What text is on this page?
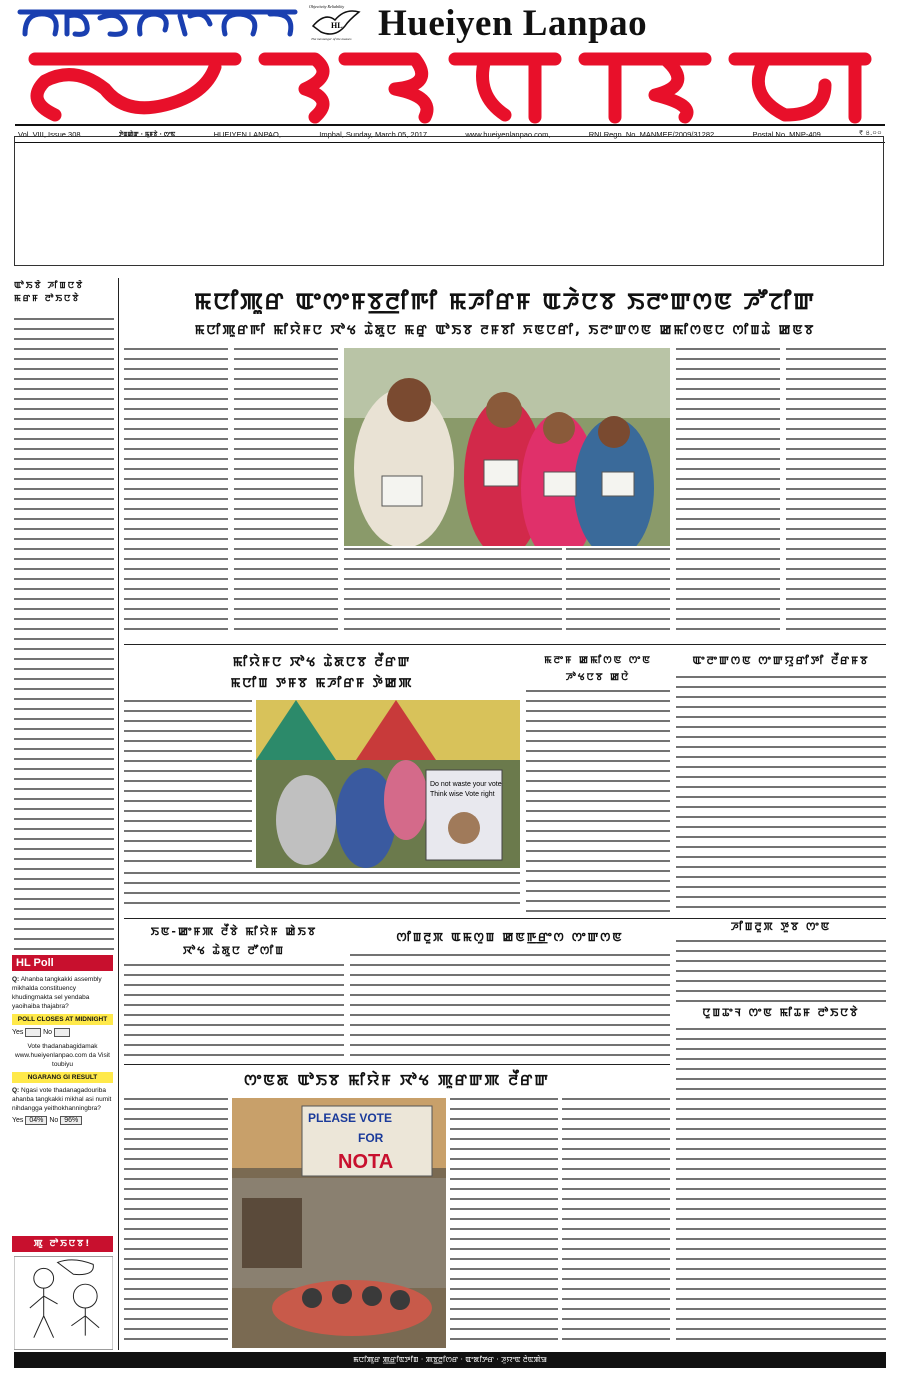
HL
Objectivity Reliability
The messenger of the masses Hueiyen Lanpao
Vol. VIII, Issue 308	ꯇꯥꯡꯀꯥꯛ · ꯃꯨꯝꯕꯥ · ꯁꯦꯟ	HUEIYEN LANPAO,	Imphal, Sunday, March 05, 2017	www.hueiyenlanpao.com,	RNI Regn. No. MANMEE/2009/31282	Postal No. MNP-409	₹ ৪.০০
ꯑꯣꯏꯕꯥ ꯍꯤꯡꯅꯕꯥ
ꯃꯔꯝ ꯂꯣꯏꯅꯕꯥ
HL Poll
Q: Ahanba tangkakki assembly mikhalda constituency khudingmakta sel yendaba yaoihaiba thajabra?
POLL CLOSES AT MIDNIGHT
Yes	No
Vote thadanabagidamak www.hueiyenlanpao.com da Visit toubiyu
NGARANG GI RESULT
Q: Ngasi vote thadanagadouriba ahanba tangkakki mikhal asi numit nihdangga yeithokhanningbra?
Yes 04% No 96%
ꯄꯨ ꯂꯣꯏꯅꯕ!
ꯃꯅꯤꯄꯨꯔ ꯑꯦꯁꯦꯝꯕ꯭ꯂꯤꯒꯤ ꯃꯍꯤꯔꯝ ꯑꯍꯥꯅꯕ ꯏꯂꯦꯛꯁꯟ ꯍꯧꯖꯤꯛ
ꯃꯅꯤꯄꯨꯔꯒꯤ ꯃꯤꯌꯥꯝꯅ ꯋꯣꯠ ꯊꯥꯗꯨꯅ ꯃꯔꯨ ꯑꯣꯏꯕ ꯂꯝꯕꯤ ꯈꯟꯅꯔꯤ, ꯏꯂꯦꯛꯁꯟ ꯀꯃꯤꯁꯟꯅ ꯁꯤꯡꯊꯥ ꯀꯟꯕ
ꯃꯤꯌꯥꯝꯅ ꯋꯣꯠ ꯊꯥꯗꯅꯕ ꯂꯩꯔꯛ
ꯃꯅꯤꯡ ꯇꯝꯕ ꯃꯍꯤꯔꯝ ꯇꯥꯀꯄ
Do not waste your vote
Think wise Vote right
ꯃꯂꯦꯝ ꯀꯃꯤꯁꯟ ꯁꯦꯟ
ꯍꯣꯠꯅꯕ ꯀꯅꯥ
ꯑꯦꯂꯦꯛꯁꯟ ꯁꯦꯛꯌꯨꯔꯤꯇꯤ ꯂꯩꯔꯝꯕ
ꯏꯟ-ꯀꯦꯝꯄ ꯂꯩꯕꯥ ꯃꯤꯌꯥꯝ ꯀꯥꯏꯕ
ꯋꯣꯠ ꯊꯥꯗꯨꯅ ꯂꯧꯁꯤꯡ
ꯁꯤꯡꯂꯨꯞ ꯑꯃꯁꯨꯡ ꯀꯟꯒ꯭ꯔꯦꯁ ꯁꯦꯛꯁꯟ
ꯍꯤꯡꯂꯨꯞ ꯇꯨꯕ ꯁꯦꯟ
ꯅꯨꯡꯊꯦꯜ ꯁꯦꯟ ꯃꯤꯊꯝ ꯂꯣꯏꯅꯕꯥ
ꯁꯦꯟꯗ ꯑꯣꯏꯕ ꯃꯤꯌꯥꯝ ꯋꯣꯠ ꯄꯨꯔꯛꯄ ꯂꯩꯔꯛ
PLEASE VOTE
FOR
NOTA
ꯃꯅꯤꯄꯨꯔ ꯄ꯭ꯔꯤꯟꯇꯤꯡ · ꯄꯕ꯭ꯂꯤꯁꯔ · ꯑꯦꯗꯤꯇꯔ · ꯍꯨꯌꯦꯟ ꯂꯥꯟꯄꯥꯎ
